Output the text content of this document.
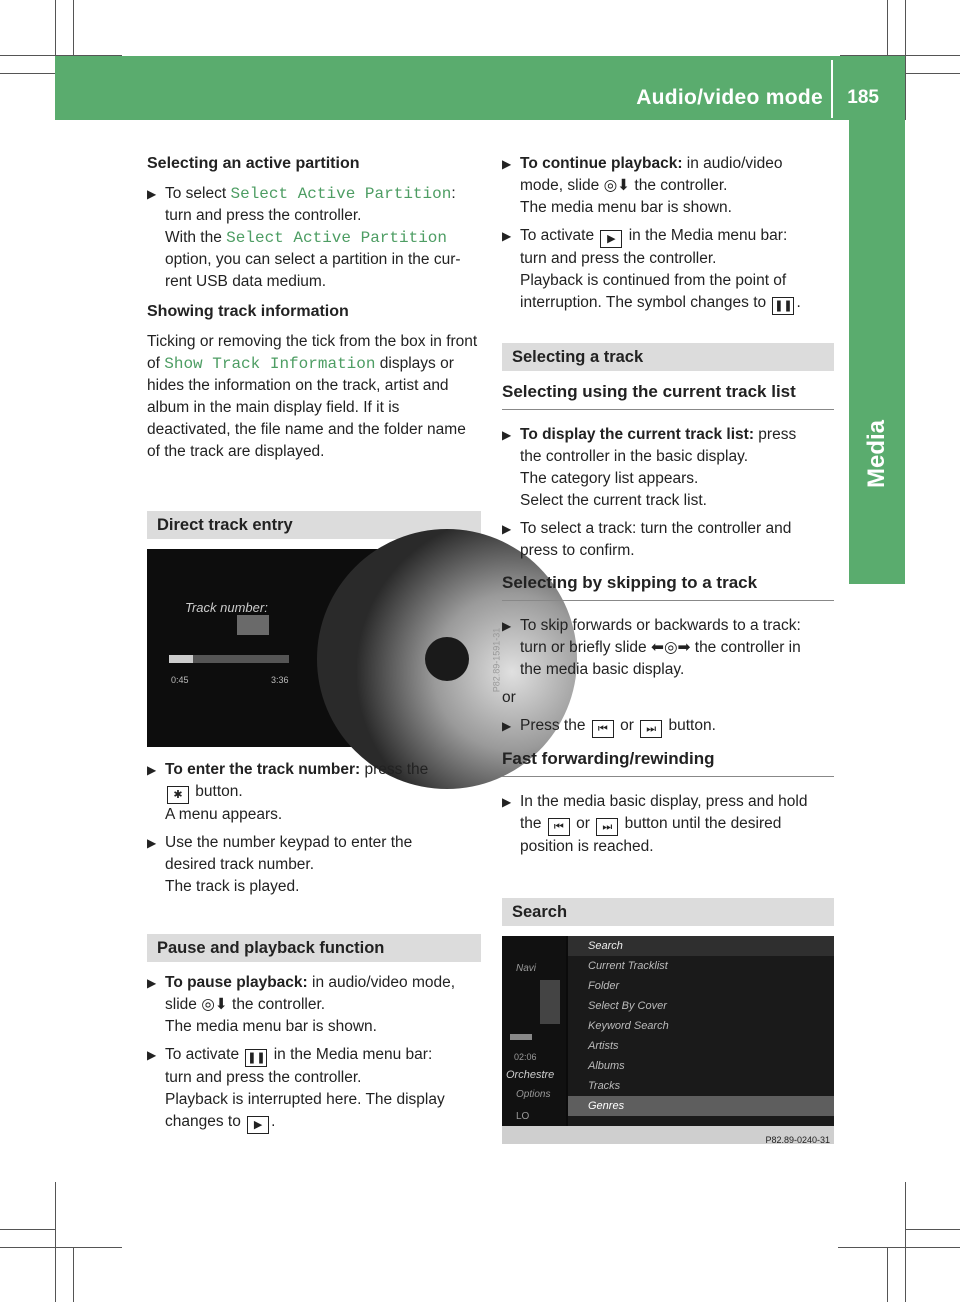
Audio/video mode 185
Media

Selecting an active partition

▶ To select Select Active Partition:
turn and press the controller.
With the Select Active Partition
option, you can select a partition in the cur-rent USB data medium.

Showing track information

Ticking or removing the tick from the box in front of Show Track Information displays or hides the information on the track, artist and album in the main display field. If it is deactivated, the file name and the folder name of the track are displayed.

Direct track entry
Track number:
0:45	3:36	P82.89-1591-31
▶ To enter the track number: press the
✱ button.
A menu appears.
▶ Use the number keypad to enter the
desired track number.
The track is played.
Pause and playback function
▶ To pause playback: in audio/video mode,
slide ◎⬇ the controller.
The media menu bar is shown.
▶ To activate ❚❚ in the Media menu bar:
turn and press the controller.
Playback is interrupted here. The display
changes to ▶ .
▶ To continue playback: in audio/video
mode, slide ◎⬇ the controller.
The media menu bar is shown.
▶ To activate ▶ in the Media menu bar:
turn and press the controller.
Playback is continued from the point of
interruption. The symbol changes to ❚❚ .
Selecting a track

Selecting using the current track list

▶ To display the current track list: press
the controller in the basic display.
The category list appears.
Select the current track list.
▶ To select a track: turn the controller and
press to confirm.

Selecting by skipping to a track

▶ To skip forwards or backwards to a track:
turn or briefly slide ⬅◎➡ the controller in
the media basic display.

or

▶ Press the ⏮ or ⏭ button.

Fast forwarding/rewinding

▶ In the media basic display, press and hold
the ⏮ or ⏭ button until the desired
position is reached.
Search
Navi
02:06
Orchestre
Options
LO
Search
Current Tracklist
Folder
Select By Cover
Keyword Search
Artists
Albums
Tracks
Genres
P82.89-0240-31
